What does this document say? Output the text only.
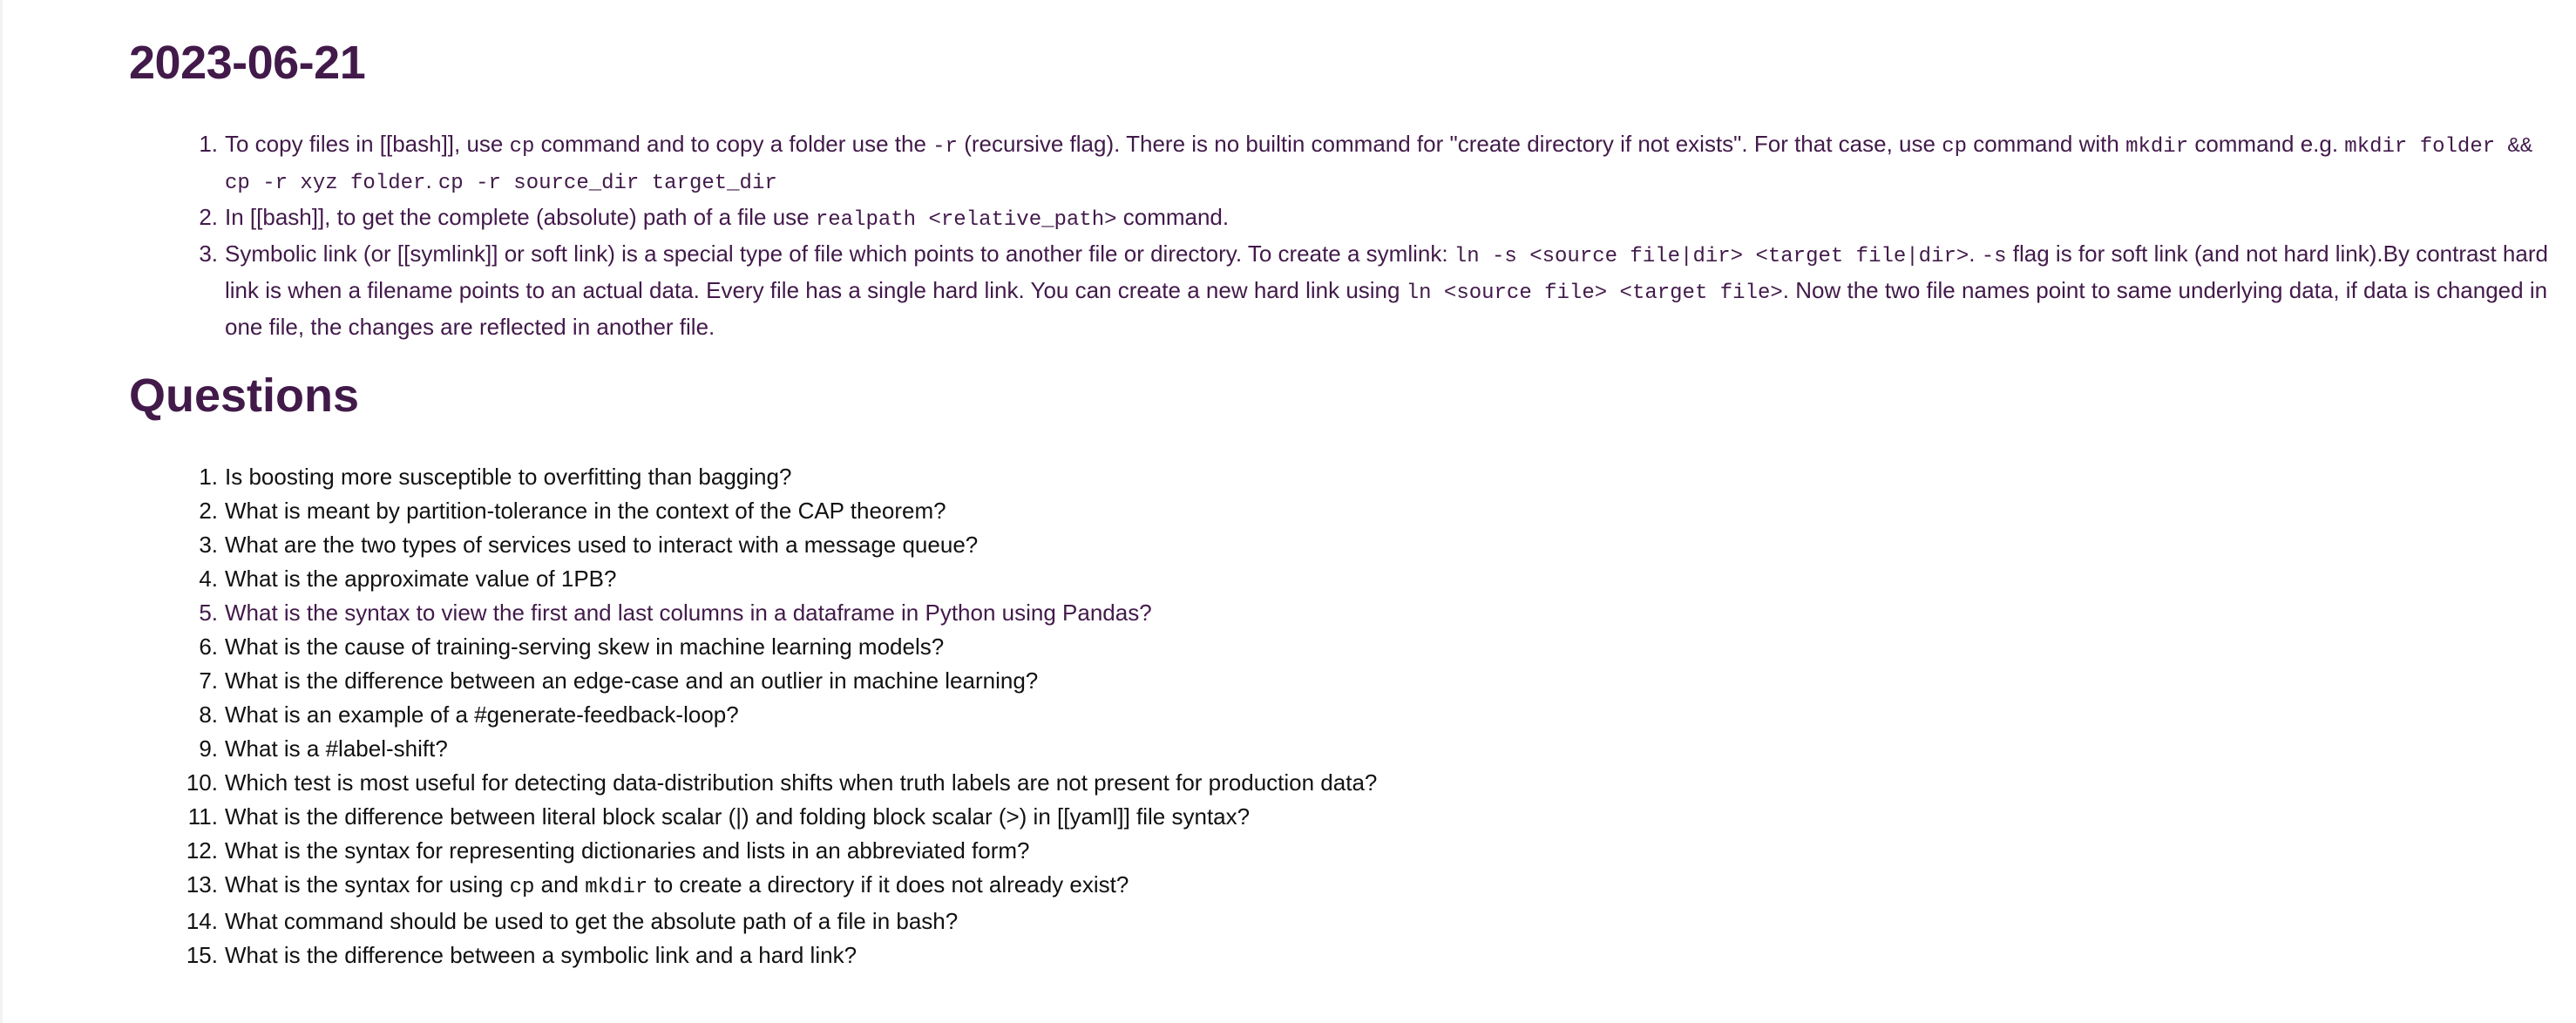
2023-06-21
1. To copy files in [[bash]], use cp command and to copy a folder use the -r (recursive flag). There is no builtin command for "create directory if not exists". For that case, use cp command with mkdir command e.g. mkdir folder && cp -r xyz folder. cp -r source_dir target_dir
2. In [[bash]], to get the complete (absolute) path of a file use realpath <relative_path> command.
3. Symbolic link (or [[symlink]] or soft link) is a special type of file which points to another file or directory. To create a symlink: ln -s <source file|dir> <target file|dir>. -s flag is for soft link (and not hard link).By contrast hard link is when a filename points to an actual data. Every file has a single hard link. You can create a new hard link using ln <source file> <target file>. Now the two file names point to same underlying data, if data is changed in one file, the changes are reflected in another file.
Questions
1. Is boosting more susceptible to overfitting than bagging?
2. What is meant by partition-tolerance in the context of the CAP theorem?
3. What are the two types of services used to interact with a message queue?
4. What is the approximate value of 1PB?
5. What is the syntax to view the first and last columns in a dataframe in Python using Pandas?
6. What is the cause of training-serving skew in machine learning models?
7. What is the difference between an edge-case and an outlier in machine learning?
8. What is an example of a #generate-feedback-loop?
9. What is a #label-shift?
10. Which test is most useful for detecting data-distribution shifts when truth labels are not present for production data?
11. What is the difference between literal block scalar (|) and folding block scalar (>) in [[yaml]] file syntax?
12. What is the syntax for representing dictionaries and lists in an abbreviated form?
13. What is the syntax for using cp and mkdir to create a directory if it does not already exist?
14. What command should be used to get the absolute path of a file in bash?
15. What is the difference between a symbolic link and a hard link?
